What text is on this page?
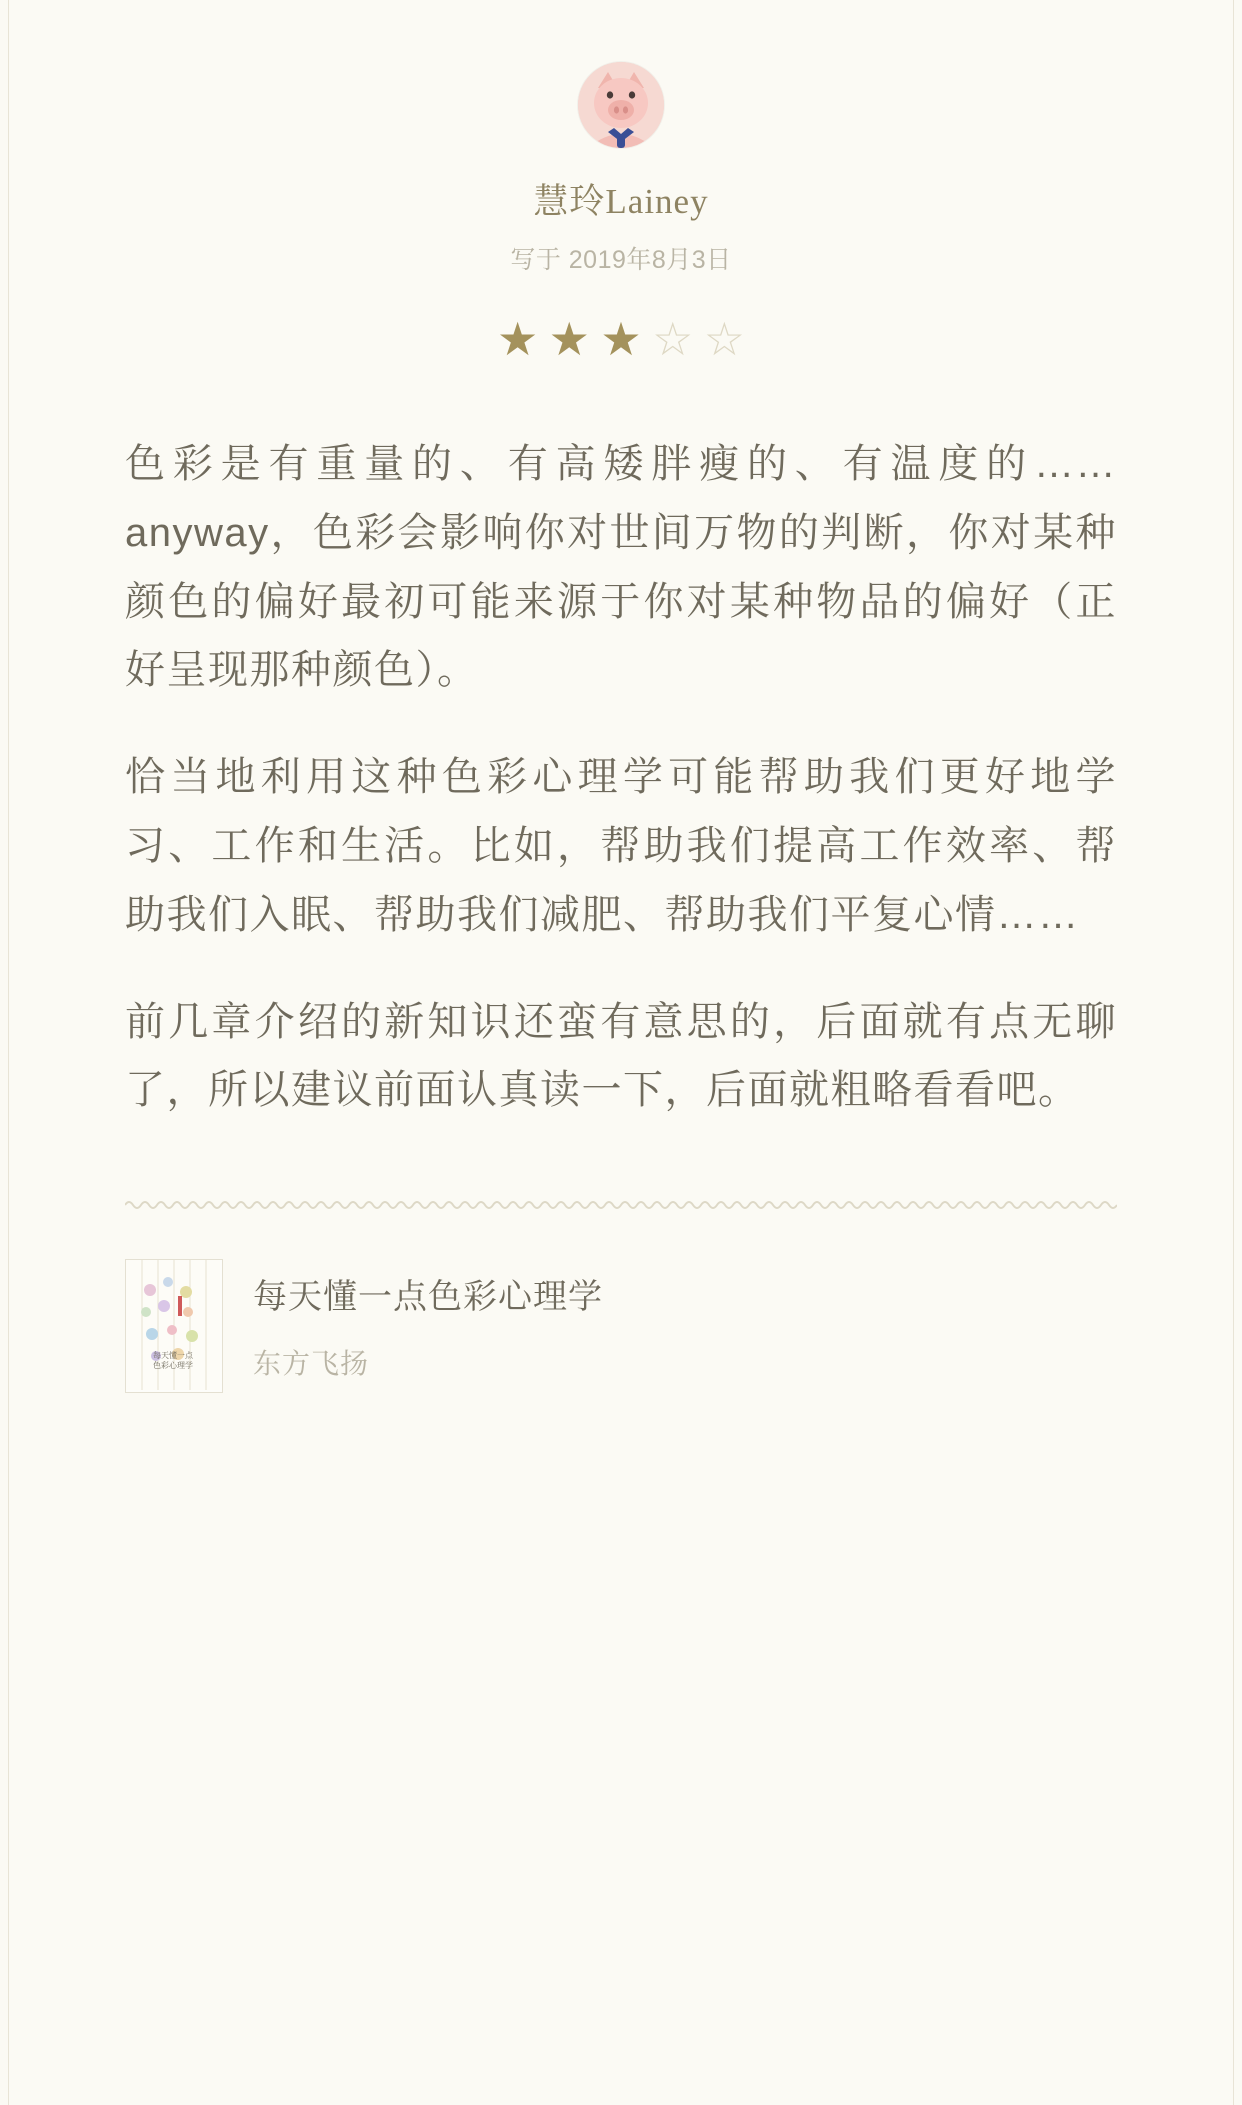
慧玲Lainey
写于 2019年8月3日
★ ★ ★ ☆ ☆

色彩是有重量的、有高矮胖瘦的、有温度的……anyway，色彩会影响你对世间万物的判断，你对某种颜色的偏好最初可能来源于你对某种物品的偏好（正好呈现那种颜色）。

恰当地利用这种色彩心理学可能帮助我们更好地学习、工作和生活。比如，帮助我们提高工作效率、帮助我们入眠、帮助我们减肥、帮助我们平复心情……

前几章介绍的新知识还蛮有意思的，后面就有点无聊了，所以建议前面认真读一下，后面就粗略看看吧。

每天懂一点
色彩心理学
每天懂一点色彩心理学
东方飞扬
